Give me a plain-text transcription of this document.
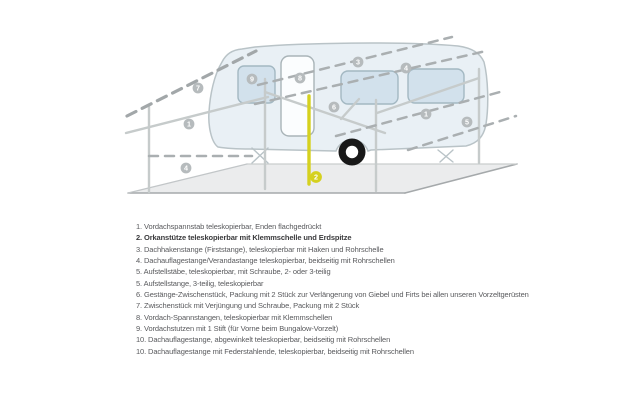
7
1
4
9	8
3
4
6
1
5
2
1. Vordachspannstab teleskopierbar, Enden flachgedrückt
2. Orkanstütze teleskopierbar mit Klemmschelle und Erdspitze
3. Dachhakenstange (Firststange), teleskopierbar mit Haken und Rohrschelle
4. Dachauflagestange/Verandastange teleskopierbar, beidseitig mit Rohrschellen
5. Aufstellstäbe, teleskopierbar, mit Schraube, 2- oder 3-teilig
5. Aufstellstange, 3-teilig, teleskopierbar
6. Gestänge-Zwischenstück, Packung mit 2 Stück zur Verlängerung von Giebel und Firts bei allen unseren Vorzeltgerüsten
7. Zwischenstück mit Verjüngung und Schraube, Packung mit 2 Stück
8. Vordach-Spannstangen, teleskopierbar mit Klemmschellen
9. Vordachstutzen mit 1 Stift (für Vorne beim Bungalow-Vorzelt)
10. Dachauflagestange, abgewinkelt teleskopierbar, beidseitig mit Rohrschellen
10. Dachauflagestange mit Federstahlende, teleskopierbar, beidseitig mit Rohrschellen
